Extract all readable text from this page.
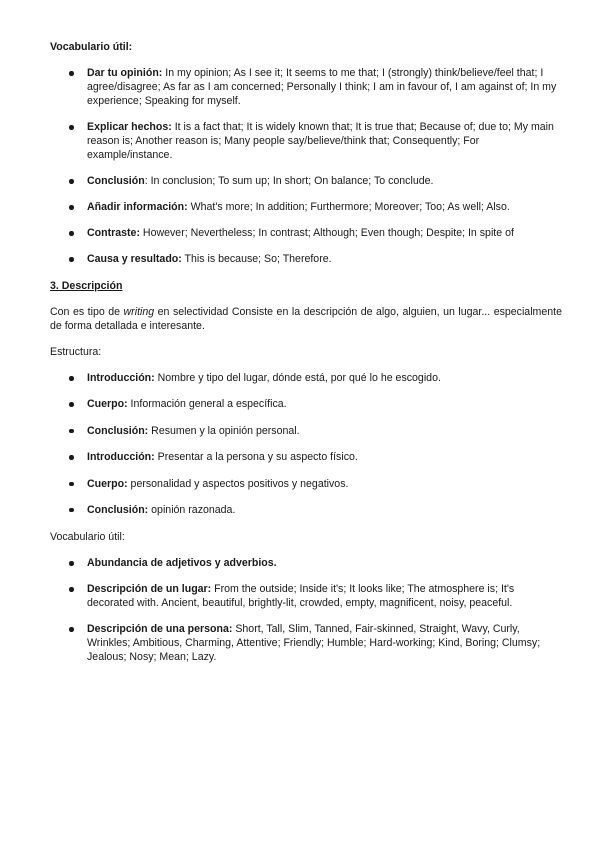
Vocabulario útil:
Dar tu opinión: In my opinion; As I see it; It seems to me that; I (strongly) think/believe/feel that; I agree/disagree; As far as I am concerned; Personally I think; I am in favour of, I am against of; In my experience; Speaking for myself.
Explicar hechos: It is a fact that; It is widely known that; It is true that; Because of; due to; My main reason is; Another reason is; Many people say/believe/think that; Consequently; For example/instance.
Conclusión: In conclusion; To sum up; In short; On balance; To conclude.
Añadir información: What's more; In addition; Furthermore; Moreover; Too; As well; Also.
Contraste: However; Nevertheless; In contrast; Although; Even though; Despite; In spite of
Causa y resultado: This is because; So; Therefore.
3. Descripción
Con es tipo de writing en selectividad Consiste en la descripción de algo, alguien, un lugar... especialmente de forma detallada e interesante.
Estructura:
Introducción: Nombre y tipo del lugar, dónde está, por qué lo he escogido.
Cuerpo: Información general a específica.
Conclusión: Resumen y la opinión personal.
Introducción: Presentar a la persona y su aspecto físico.
Cuerpo: personalidad y aspectos positivos y negativos.
Conclusión: opinión razonada.
Vocabulario útil:
Abundancia de adjetivos y adverbios.
Descripción de un lugar: From the outside; Inside it's; It looks like; The atmosphere is; It's decorated with. Ancient, beautiful, brightly-lit, crowded, empty, magnificent, noisy, peaceful.
Descripción de una persona: Short, Tall, Slim, Tanned, Fair-skinned, Straight, Wavy, Curly, Wrinkles; Ambitious, Charming, Attentive; Friendly; Humble; Hard-working; Kind, Boring; Clumsy; Jealous; Nosy; Mean; Lazy.
